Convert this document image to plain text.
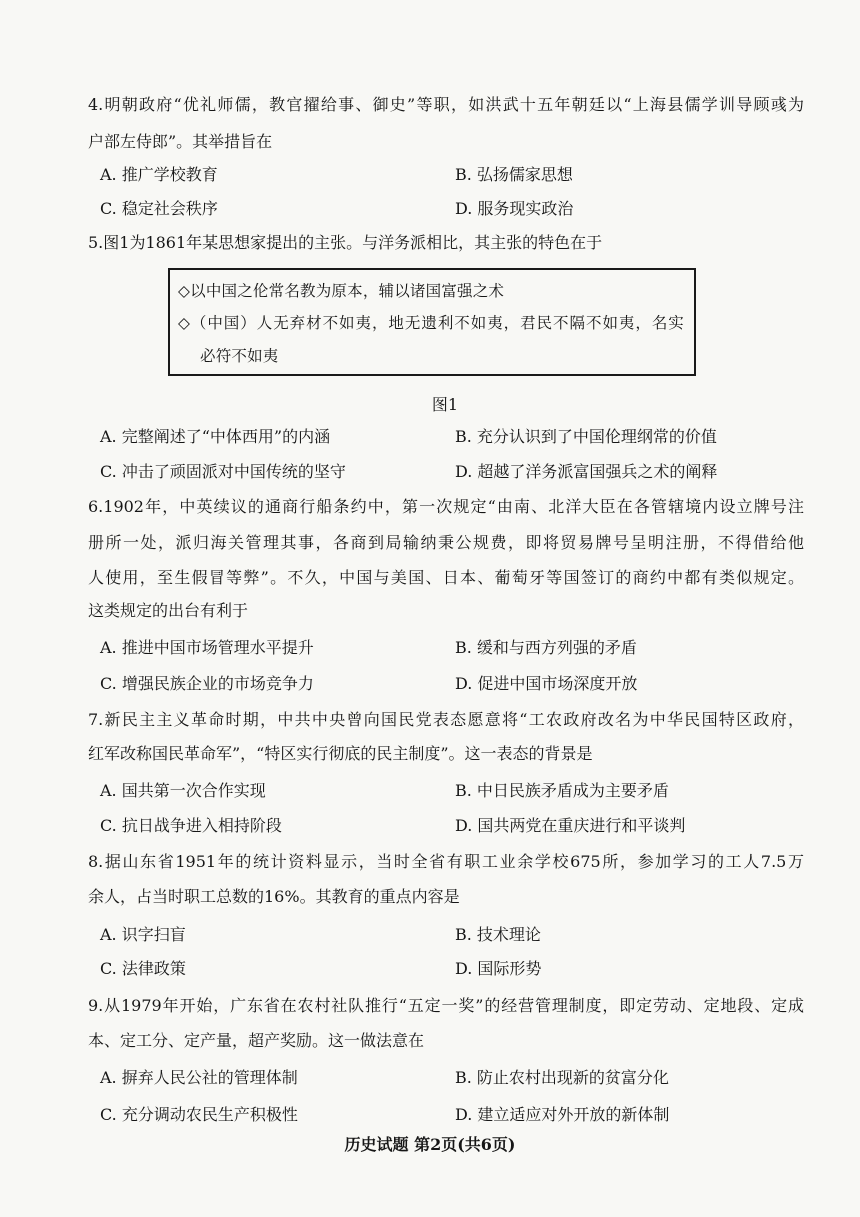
4.明朝政府“优礼师儒，教官擢给事、御史”等职，如洪武十五年朝廷以“上海县儒学训导顾彧为
户部左侍郎”。其举措旨在
A. 推广学校教育	B. 弘扬儒家思想
C. 稳定社会秩序	D. 服务现实政治
5.图1为1861年某思想家提出的主张。与洋务派相比，其主张的特色在于
◇以中国之伦常名教为原本，辅以诸国富强之术
◇（中国）人无弃材不如夷，地无遗利不如夷，君民不隔不如夷，名实
必符不如夷
图1
A. 完整阐述了“中体西用”的内涵	B. 充分认识到了中国伦理纲常的价值
C. 冲击了顽固派对中国传统的坚守	D. 超越了洋务派富国强兵之术的阐释
6.1902年，中英续议的通商行船条约中，第一次规定“由南、北洋大臣在各管辖境内设立牌号注
册所一处，派归海关管理其事，各商到局输纳秉公规费，即将贸易牌号呈明注册，不得借给他
人使用，至生假冒等弊”。不久，中国与美国、日本、葡萄牙等国签订的商约中都有类似规定。
这类规定的出台有利于
A. 推进中国市场管理水平提升	B. 缓和与西方列强的矛盾
C. 增强民族企业的市场竞争力	D. 促进中国市场深度开放
7.新民主主义革命时期，中共中央曾向国民党表态愿意将“工农政府改名为中华民国特区政府，
红军改称国民革命军”，“特区实行彻底的民主制度”。这一表态的背景是
A. 国共第一次合作实现	B. 中日民族矛盾成为主要矛盾
C. 抗日战争进入相持阶段	D. 国共两党在重庆进行和平谈判
8.据山东省1951年的统计资料显示，当时全省有职工业余学校675所，参加学习的工人7.5万
余人，占当时职工总数的16%。其教育的重点内容是
A. 识字扫盲	B. 技术理论
C. 法律政策	D. 国际形势
9.从1979年开始，广东省在农村社队推行“五定一奖”的经营管理制度，即定劳动、定地段、定成
本、定工分、定产量，超产奖励。这一做法意在
A. 摒弃人民公社的管理体制	B. 防止农村出现新的贫富分化
C. 充分调动农民生产积极性	D. 建立适应对外开放的新体制
历史试题 第2页(共6页)
